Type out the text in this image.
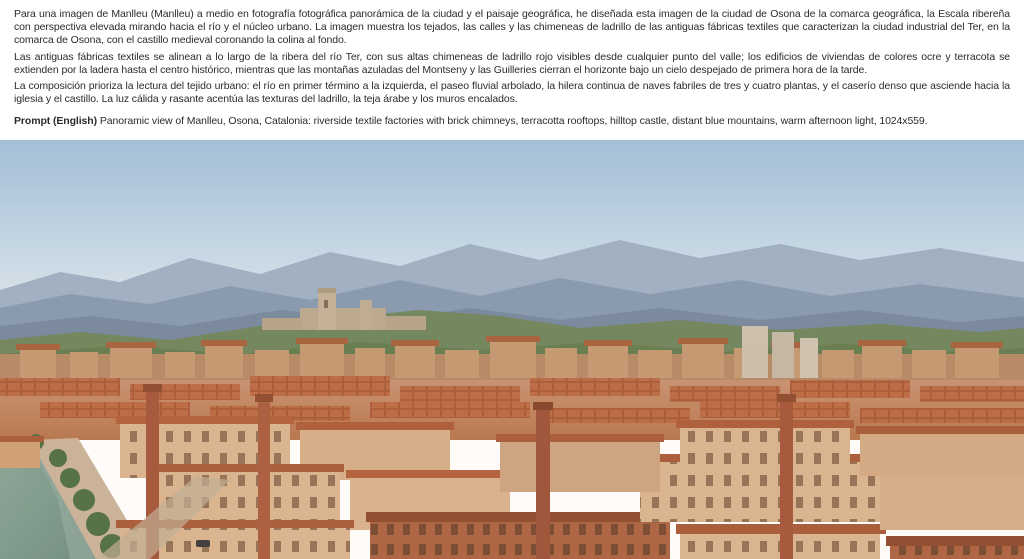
Para una imagen de Manlleu (Manlleu) a medio en fotografía fotográfica panorámica de la ciudad y el paisaje geográfica, he diseñada esta imagen de la ciudad de Osona de la comarca geográfica, la Escala ribereña con perspectiva elevada mirando hacia el río y el núcleo urbano. La imagen muestra los tejados, las calles y las chimeneas de ladrillo de las antiguas fábricas textiles que caracterizan la ciudad industrial del Ter, en la comarca de Osona, con el castillo medieval coronando la colina al fondo.

Las antiguas fábricas textiles se alinean a lo largo de la ribera del río Ter, con sus altas chimeneas de ladrillo rojo visibles desde cualquier punto del valle; los edificios de viviendas de colores ocre y terracota se extienden por la ladera hasta el centro histórico, mientras que las montañas azuladas del Montseny y las Guilleries cierran el horizonte bajo un cielo despejado de primera hora de la tarde.

La composición prioriza la lectura del tejido urbano: el río en primer término a la izquierda, el paseo fluvial arbolado, la hilera continua de naves fabriles de tres y cuatro plantas, y el caserío denso que asciende hacia la iglesia y el castillo. La luz cálida y rasante acentúa las texturas del ladrillo, la teja árabe y los muros encalados.

Prompt (English) Panoramic view of Manlleu, Osona, Catalonia: riverside textile factories with brick chimneys, terracotta rooftops, hilltop castle, distant blue mountains, warm afternoon light, 1024x559.
